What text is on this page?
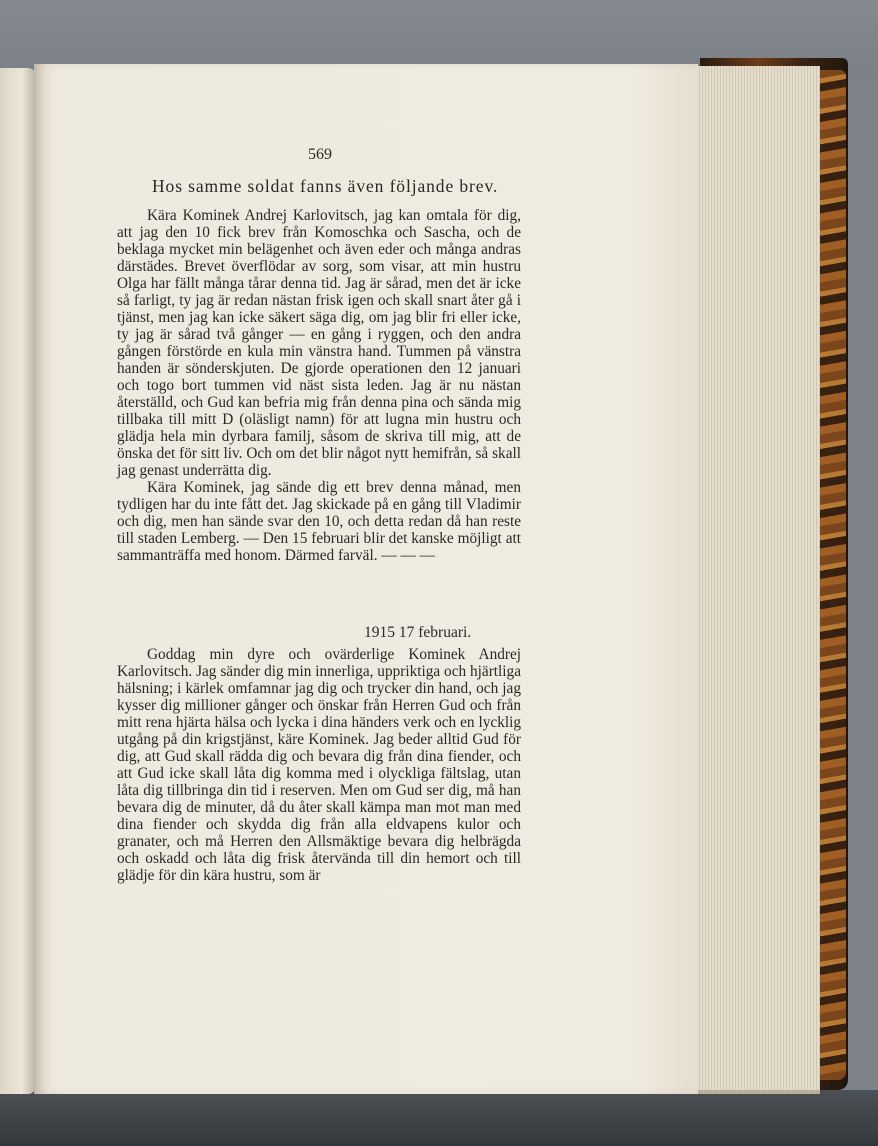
569
Hos samme soldat fanns även följande brev.

Kära Kominek Andrej Karlovitsch, jag kan omtala för dig, att jag den 10 fick brev från Komoschka och Sascha, och de beklaga mycket min belägenhet och även eder och många andras därstädes. Brevet överflödar av sorg, som visar, att min hustru Olga har fällt många tårar denna tid. Jag är sårad, men det är icke så farligt, ty jag är redan nästan frisk igen och skall snart åter gå i tjänst, men jag kan icke säkert säga dig, om jag blir fri eller icke, ty jag är sårad två gånger — en gång i ryggen, och den andra gången förstörde en kula min vänstra hand. Tummen på vänstra handen är sönderskjuten. De gjorde operationen den 12 januari och togo bort tummen vid näst sista leden. Jag är nu nästan återställd, och Gud kan befria mig från denna pina och sända mig tillbaka till mitt D (oläsligt namn) för att lugna min hustru och glädja hela min dyrbara familj, såsom de skriva till mig, att de önska det för sitt liv. Och om det blir något nytt hemifrån, så skall jag genast underrätta dig.

Kära Kominek, jag sände dig ett brev denna månad, men tydligen har du inte fått det. Jag skickade på en gång till Vladimir och dig, men han sände svar den 10, och detta redan då han reste till staden Lemberg. — Den 15 februari blir det kanske möjligt att sammanträffa med honom. Därmed farväl. — — —

1915 17 februari.

Goddag min dyre och ovärderlige Kominek Andrej Karlovitsch. Jag sänder dig min innerliga, uppriktiga och hjärtliga hälsning; i kärlek omfamnar jag dig och trycker din hand, och jag kysser dig millioner gånger och önskar från Herren Gud och från mitt rena hjärta hälsa och lycka i dina händers verk och en lycklig utgång på din krigstjänst, käre Kominek. Jag beder alltid Gud för dig, att Gud skall rädda dig och bevara dig från dina fiender, och att Gud icke skall låta dig komma med i olyckliga fältslag, utan låta dig tillbringa din tid i reserven. Men om Gud ser dig, må han bevara dig de minuter, då du åter skall kämpa man mot man med dina fiender och skydda dig från alla eldvapens kulor och granater, och må Herren den Allsmäktige bevara dig helbrägda och oskadd och låta dig frisk återvända till din hemort och till glädje för din kära hustru, som är
